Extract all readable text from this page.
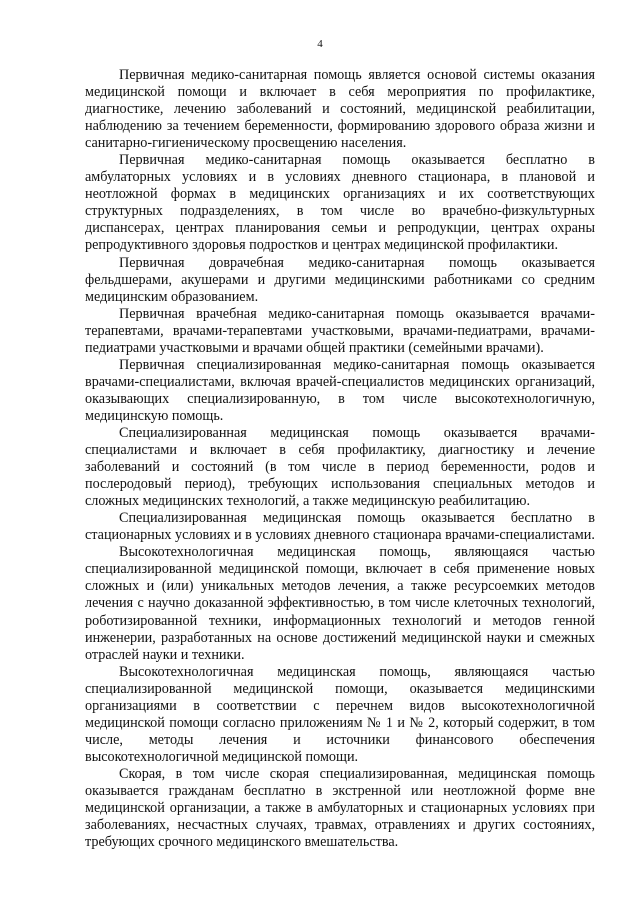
4

Первичная медико-санитарная помощь является основой системы оказания медицинской помощи и включает в себя мероприятия по профилактике, диагностике, лечению заболеваний и состояний, медицинской реабилитации, наблюдению за течением беременности, формированию здорового образа жизни и санитарно-гигиеническому просвещению населения.

Первичная медико-санитарная помощь оказывается бесплатно в амбулаторных условиях и в условиях дневного стационара, в плановой и неотложной формах в медицинских организациях и их соответствующих структурных подразделениях, в том числе во врачебно-физкультурных диспансерах, центрах планирования семьи и репродукции, центрах охраны репродуктивного здоровья подростков и центрах медицинской профилактики.

Первичная доврачебная медико-санитарная помощь оказывается фельдшерами, акушерами и другими медицинскими работниками со средним медицинским образованием.

Первичная врачебная медико-санитарная помощь оказывается врачами-терапевтами, врачами-терапевтами участковыми, врачами-педиатрами, врачами-педиатрами участковыми и врачами общей практики (семейными врачами).

Первичная специализированная медико-санитарная помощь оказывается врачами-специалистами, включая врачей-специалистов медицинских организаций, оказывающих специализированную, в том числе высокотехнологичную, медицинскую помощь.

Специализированная медицинская помощь оказывается врачами-специалистами и включает в себя профилактику, диагностику и лечение заболеваний и состояний (в том числе в период беременности, родов и послеродовый период), требующих использования специальных методов и сложных медицинских технологий, а также медицинскую реабилитацию.

Специализированная медицинская помощь оказывается бесплатно в стационарных условиях и в условиях дневного стационара врачами-специалистами.

Высокотехнологичная медицинская помощь, являющаяся частью специализированной медицинской помощи, включает в себя применение новых сложных и (или) уникальных методов лечения, а также ресурсоемких методов лечения с научно доказанной эффективностью, в том числе клеточных технологий, роботизированной техники, информационных технологий и методов генной инженерии, разработанных на основе достижений медицинской науки и смежных отраслей науки и техники.

Высокотехнологичная медицинская помощь, являющаяся частью специализированной медицинской помощи, оказывается медицинскими организациями в соответствии с перечнем видов высокотехнологичной медицинской помощи согласно приложениям № 1 и № 2, который содержит, в том числе, методы лечения и источники финансового обеспечения высокотехнологичной медицинской помощи.

Скорая, в том числе скорая специализированная, медицинская помощь оказывается гражданам бесплатно в экстренной или неотложной форме вне медицинской организации, а также в амбулаторных и стационарных условиях при заболеваниях, несчастных случаях, травмах, отравлениях и других состояниях, требующих срочного медицинского вмешательства.
